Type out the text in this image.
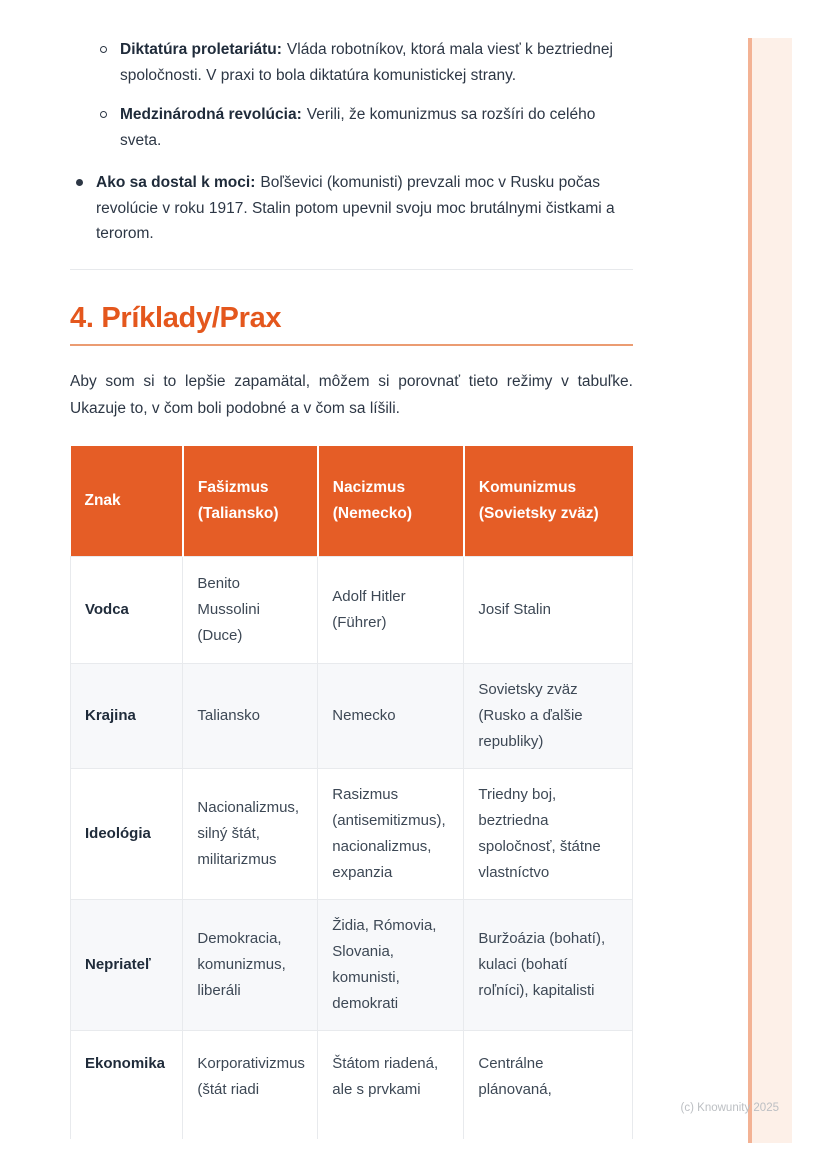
Diktatúra proletariátu: Vláda robotníkov, ktorá mala viesť k beztriednej spoločnosti. V praxi to bola diktatúra komunistickej strany.
Medzinárodná revolúcia: Verili, že komunizmus sa rozšíri do celého sveta.
Ako sa dostal k moci: Boľševici (komunisti) prevzali moc v Rusku počas revolúcie v roku 1917. Stalin potom upevnil svoju moc brutálnymi čistkami a terorom.
4. Príklady/Prax

Aby som si to lepšie zapamätal, môžem si porovnať tieto režimy v tabuľke. Ukazuje to, v čom boli podobné a v čom sa líšili.

Znak	Fašizmus (Taliansko)	Nacizmus (Nemecko)	Komunizmus (Sovietsky zväz)
Vodca	Benito Mussolini (Duce)	Adolf Hitler (Führer)	Josif Stalin
Krajina	Taliansko	Nemecko	Sovietsky zväz (Rusko a ďalšie republiky)
Ideológia	Nacionalizmus, silný štát, militarizmus	Rasizmus (antisemitizmus), nacionalizmus, expanzia	Triedny boj, beztriedna spoločnosť, štátne vlastníctvo
Nepriateľ	Demokracia, komunizmus, liberáli	Židia, Rómovia, Slovania, komunisti, demokrati	Buržoázia (bohatí), kulaci (bohatí roľníci), kapitalisti
Ekonomika	Korporativizmus (štát riadi	Štátom riadená, ale s prvkami	Centrálne plánovaná,
(c) Knowunity 2025
